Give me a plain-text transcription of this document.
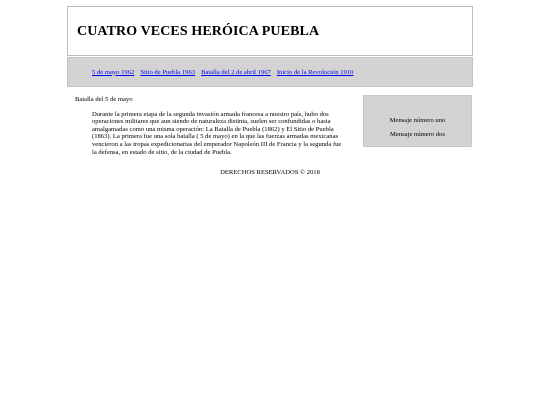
CUATRO VECES HERÓICA PUEBLA
5 de mayo 1962 Sitio de Puebla 1963 Batalla del 2 de abril 1967 Inicio de la Revolución 1910

Batalla del 5 de mayo

Durante la primera etapa de la segunda invasión armada francesa a nuestro país, hubo dos operaciones militares que aun siendo de naturaleza distinta, suelen ser confundidas o hasta amalgamadas como una misma operación: La Batalla de Puebla (1862) y El Sitio de Puebla (1863). La primera fue una sola batalla ( 5 de mayo) en la que las fuerzas armadas mexicanas vencieron a las tropas expedicionarias del emperador Napoleón III de Francia y la segunda fue la defensa, en estado de sitio, de la ciudad de Puebla.

Mensaje número uno

Mensaje número dos

DERECHOS RESERVADOS © 2018
